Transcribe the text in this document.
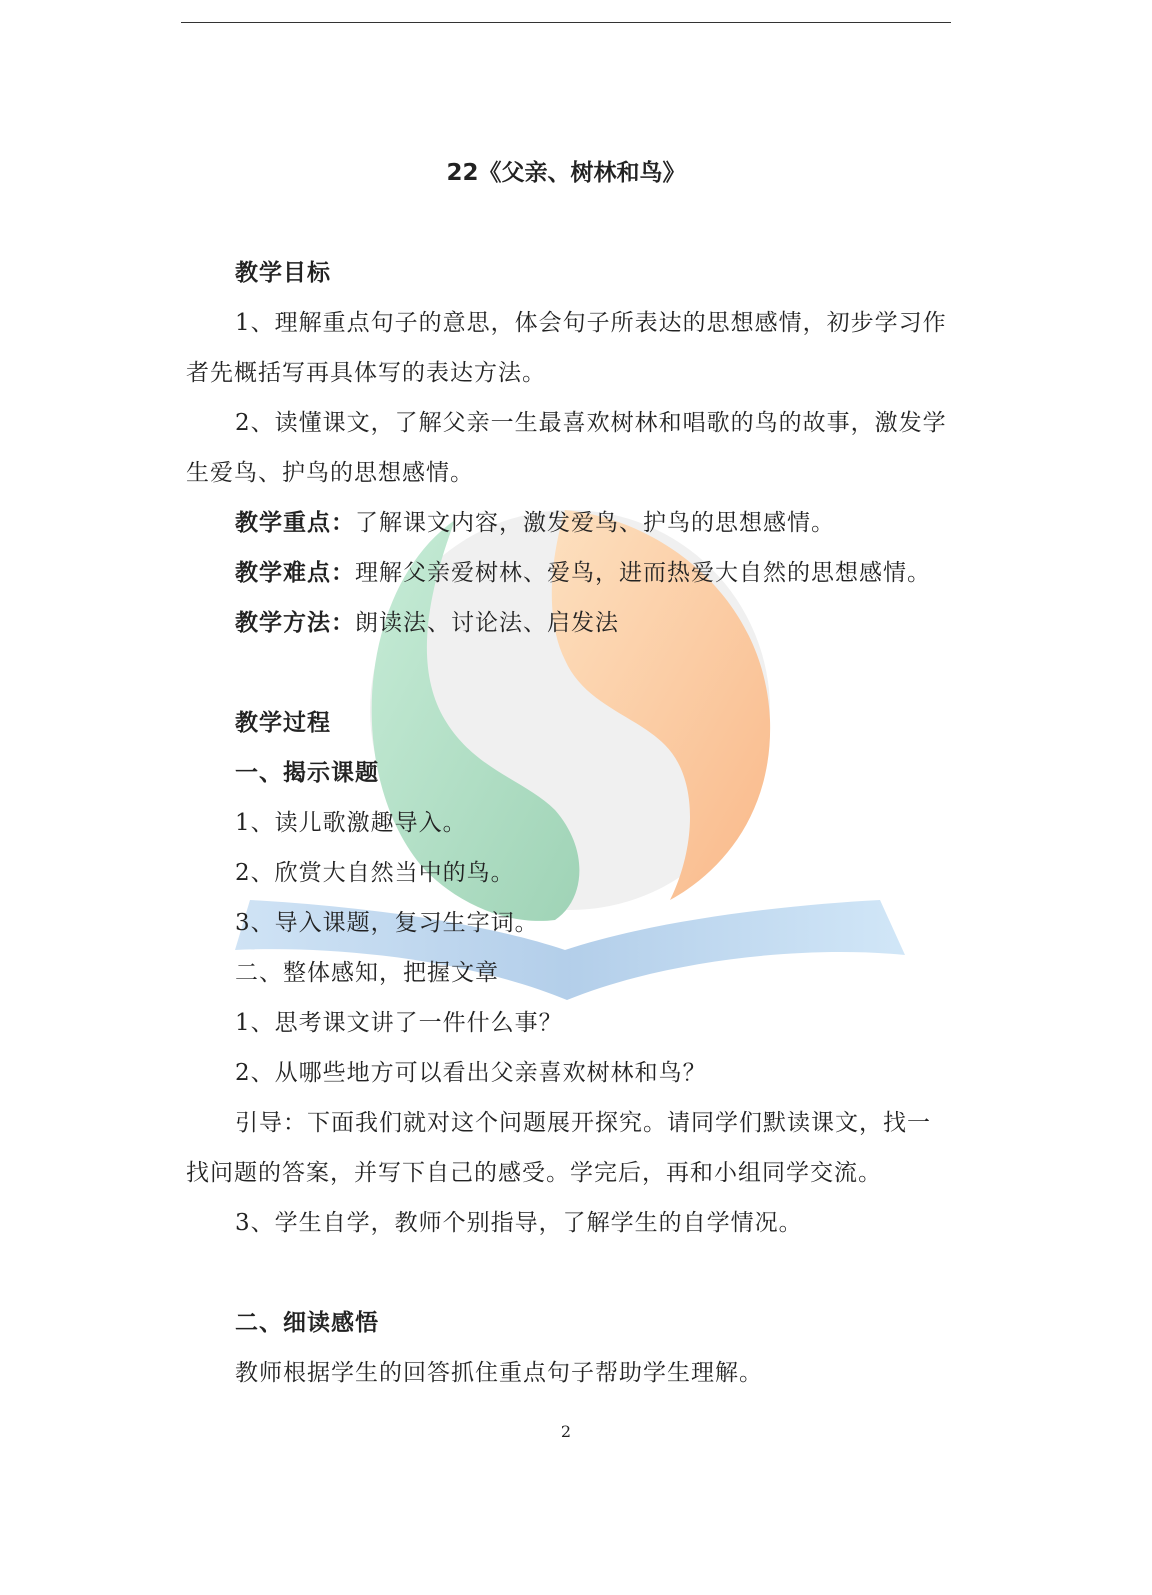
22《父亲、树林和鸟》
教学目标
1、理解重点句子的意思，体会句子所表达的思想感情，初步学习作
者先概括写再具体写的表达方法。
2、读懂课文，了解父亲一生最喜欢树林和唱歌的鸟的故事，激发学
生爱鸟、护鸟的思想感情。
教学重点：了解课文内容，激发爱鸟、护鸟的思想感情。
教学难点：理解父亲爱树林、爱鸟，进而热爱大自然的思想感情。
教学方法：朗读法、讨论法、启发法
教学过程
一、揭示课题
1、读儿歌激趣导入。
2、欣赏大自然当中的鸟。
3、导入课题，复习生字词。
二、整体感知，把握文章
1、思考课文讲了一件什么事？
2、从哪些地方可以看出父亲喜欢树林和鸟？
引导：下面我们就对这个问题展开探究。请同学们默读课文，找一
找问题的答案，并写下自己的感受。学完后，再和小组同学交流。
3、学生自学，教师个别指导，了解学生的自学情况。
二、细读感悟
教师根据学生的回答抓住重点句子帮助学生理解。
2
